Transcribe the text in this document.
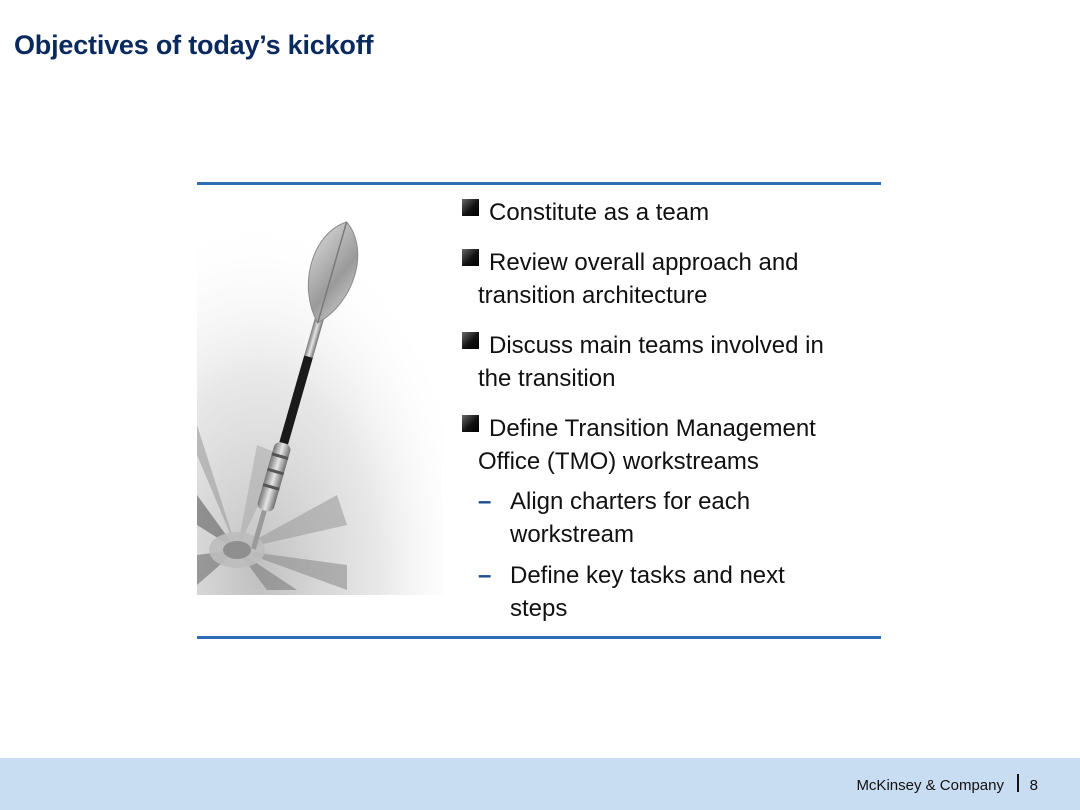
Objectives of today’s kickoff
Constitute as a team
Review overall approach and
transition architecture
Discuss main teams involved in
the transition
Define Transition Management
Office (TMO) workstreams
– Align charters for each
workstream
– Define key tasks and next
steps
McKinsey & Company 8
